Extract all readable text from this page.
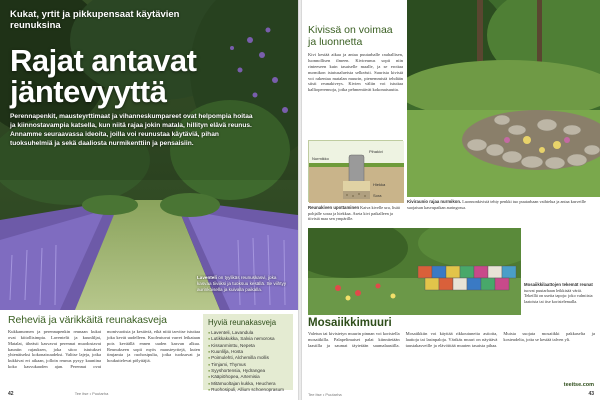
Kukat, yrtit ja pikkupensaat käytävien reunuksina
Rajat antavat jäntevyyttä
Perennapenkit, mausteyrttimaat ja vihanneskumpareet ovat helpompia hoitaa ja kiinnostavampia katsella, kun niitä rajaa jokin matala, hillityn elävä reunus. Annamme seuraavassa ideoita, joilla voi reunustaa käytäviä, pihan tuoksuhelmiä ja sekä daaliosta nurmikenttiin ja pensaisiin.
Laventeli on tyylikäs reunuskasvi, joka kasvaa tiiviiksi ja tuoksuu kesällä. Se viihtyy aurinkoisella ja kuivalla paikalla.
Reheviä ja värikkäitä reunakasveja
Kukkanurmen ja perennapenkin reunaan kukat ovat kiitollisimpia. Laventelit ja kuunliljat, Matalat, tiheästi kasvavat perennat muodostavat kauniin rajauksen, joka sitoo istutukset yhtenäiseksi kokonaisuudeksi. Valitse lajeja, jotka kukkivat eri aikaan, jolloin reunus pysyy kauniina koko kasvukauden ajan. Perennat ovat monivuotisia ja kestäviä, eikä niitä tarvitse istuttaa joka kevät uudelleen. Kuoleutuvat varret leikataan pois keväällä ennen uuden kasvun alkua. Reunukseen sopii myös mausteyrttejä, kuten timjamia ja ruohosipulia, jotka tuoksuvat ja houkuttelevat pölyttäjiä.
Hyviä reunakasveja
● Laventeli, Lavandula
● Lutikkakukka, Salvia nemorosa
● Kissanminttu, Nepeta
● Kuunlilja, Hosta
● Poimulehti, Alchemilla mollis
● Timjami, Thymus
● Syyshortensia, Hydrangea
● Kääpiöhopea, Artemisia
● Mitämuoltajan kukka, Heuchera
● Ruohosipuli, Allium schoenoprasum
42	Tee itse • Puutarha
Kivissä on voimaa ja luonnetta
Kivi kestää aikaa ja antaa puutarhalle rauhallisen, luonnollisen ilmeen. Kivireunus sopii niin rinteeseen kuin tasaiselle maalle, ja se erottaa nurmikon istutusalueista selkeästi. Suurista kivistä voi rakentaa matalan muurin, pienemmistä tehdään siisti reunakiveys. Kivien väliin voi istuttaa kallioperennoja, jotka pehmentävät kokonaisuutta.
Pihakivi
Nurmikko
Hiekka
Sora
Reunakiven upottaminen Kaiva kivelle ura, lisää pohjalle soraa ja hiekkaa. Aseta kivi paikalleen ja tiivistä maa sen ympärille.
Kiviraunio rajaa nurmikon. Luonnonkivistä tehty penkki tuo puutarhaan vaihtelua ja antaa kasveille suojaisan kasvupaikan auringossa.
Mosaiikkilaattojen tekemät reunat tuovat puutarhaan leikkisää väriä. Tekeillä on useita tapoja: joko valmiista laatoista tai itse koristelemalla.
Mosaiikkimuuri
Valetun tai kivistetyn muurin pinnan voi koristella mosaiikilla. Palapelimaiset palat kiinnitetään laastilla ja saumat täytetään saumalaastilla. Mosaiikkiin voi käyttää rikkoutuneita astioita, laattoja tai lasinpaloja. Värikäs muuri on näyttävä taustakasveille ja elävöittää muuten tasaista pihaa. Muista suojata mosaiikki pakkaselta ja kosteudelta, jotta se kestää talven yli.
Tee itse • Puutarha
teeitse.com
43
